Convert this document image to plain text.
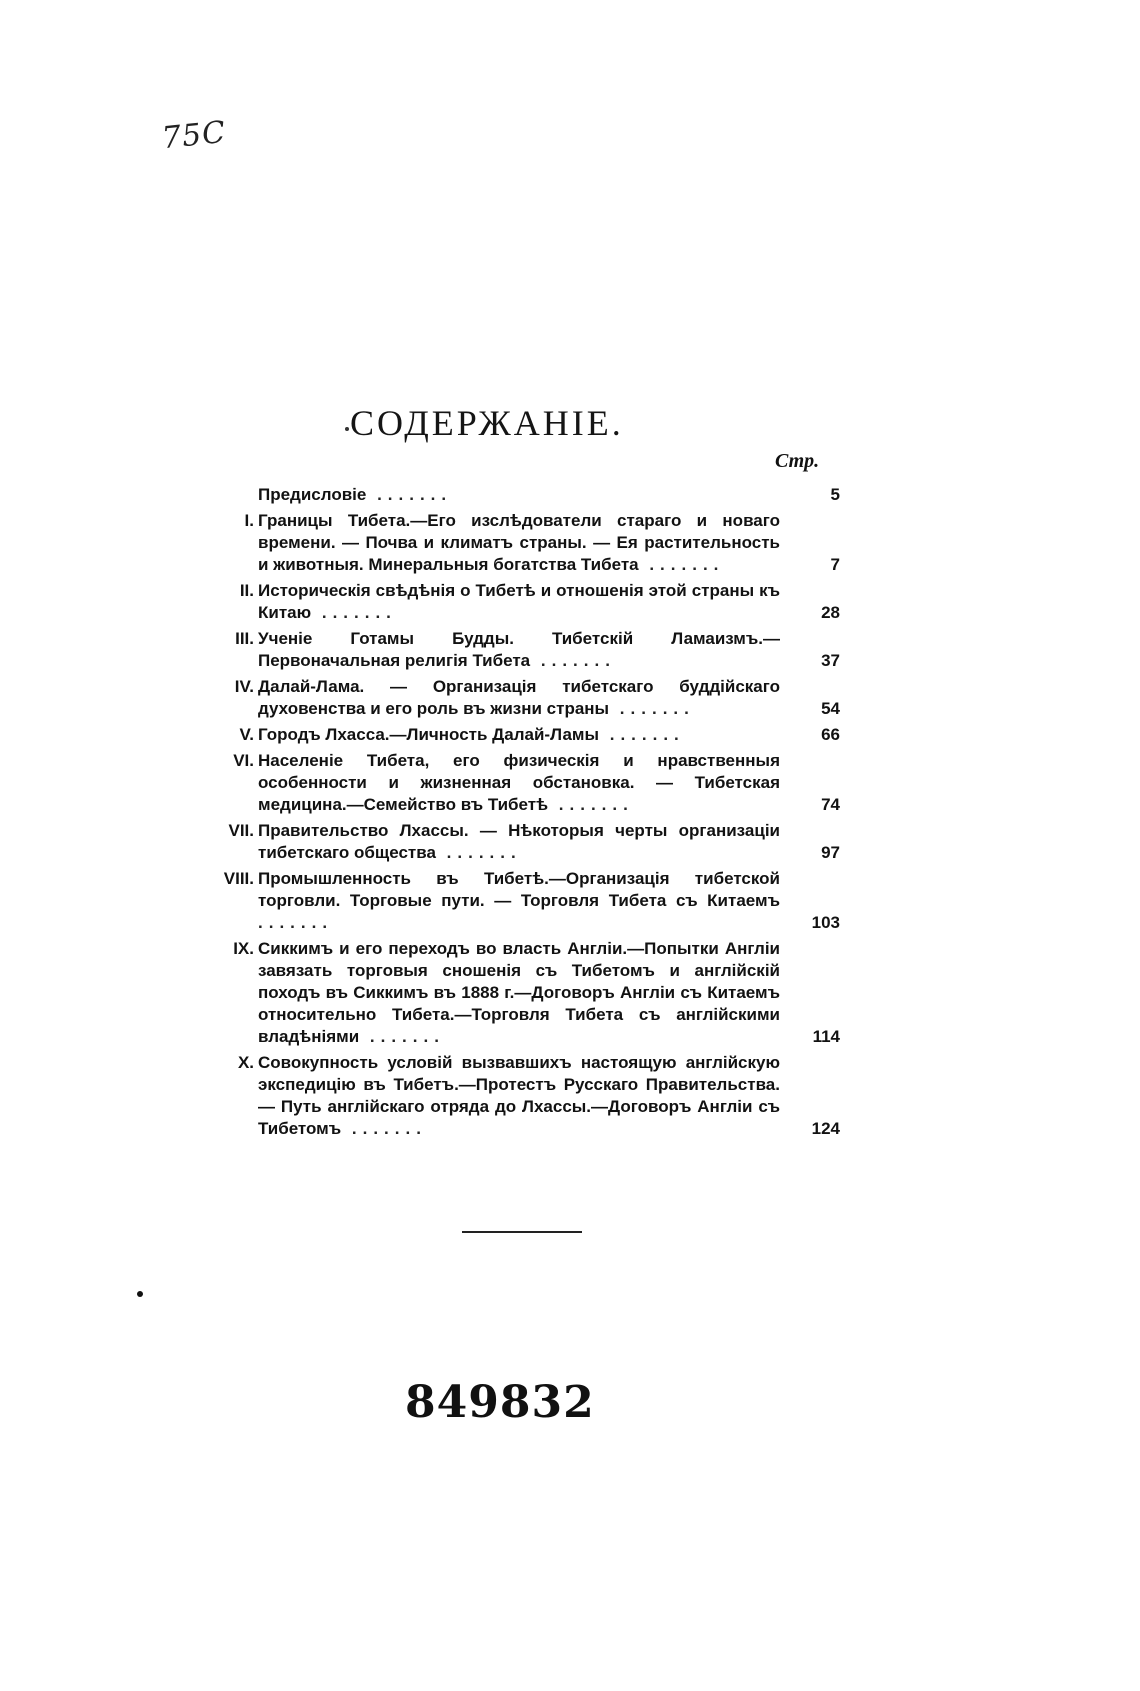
75С
СОДЕРЖАНІЕ.
Стр.
Предисловіе .......	5
I. Границы Тибета.—Его изслѣдователи стараго и новаго времени. — Почва и климатъ страны. — Ея растительность и животныя. Минеральныя богатства Тибета .......	7
II. Историческія свѣдѣнія о Тибетѣ и отношенія этой страны къ Китаю .......	28
III. Ученіе Готамы Будды. Тибетскій Ламаизмъ.—Первоначальная религія Тибета .......	37
IV. Далай-Лама. — Организація тибетскаго буддійскаго духовенства и его роль въ жизни страны .......	54
V. Городъ Лхасса.—Личность Далай-Ламы .......	66
VI. Населеніе Тибета, его физическія и нравственныя особенности и жизненная обстановка. — Тибетская медицина.—Семейство въ Тибетѣ .......	74
VII. Правительство Лхассы. — Нѣкоторыя черты организаціи тибетскаго общества .......	97
VIII. Промышленность въ Тибетѣ.—Организація тибетской торговли. Торговые пути. — Торговля Тибета съ Китаемъ .......	103
IX. Сиккимъ и его переходъ во власть Англіи.—Попытки Англіи завязать торговыя сношенія съ Тибетомъ и англійскій походъ въ Сиккимъ въ 1888 г.—Договоръ Англіи съ Китаемъ относительно Тибета.—Торговля Тибета съ англійскими владѣніями .......	114
X. Совокупность условій вызвавшихъ настоящую англійскую экспедицію въ Тибетъ.—Протестъ Русскаго Правительства. — Путь англійскаго отряда до Лхассы.—Договоръ Англіи съ Тибетомъ .......	124
849832
